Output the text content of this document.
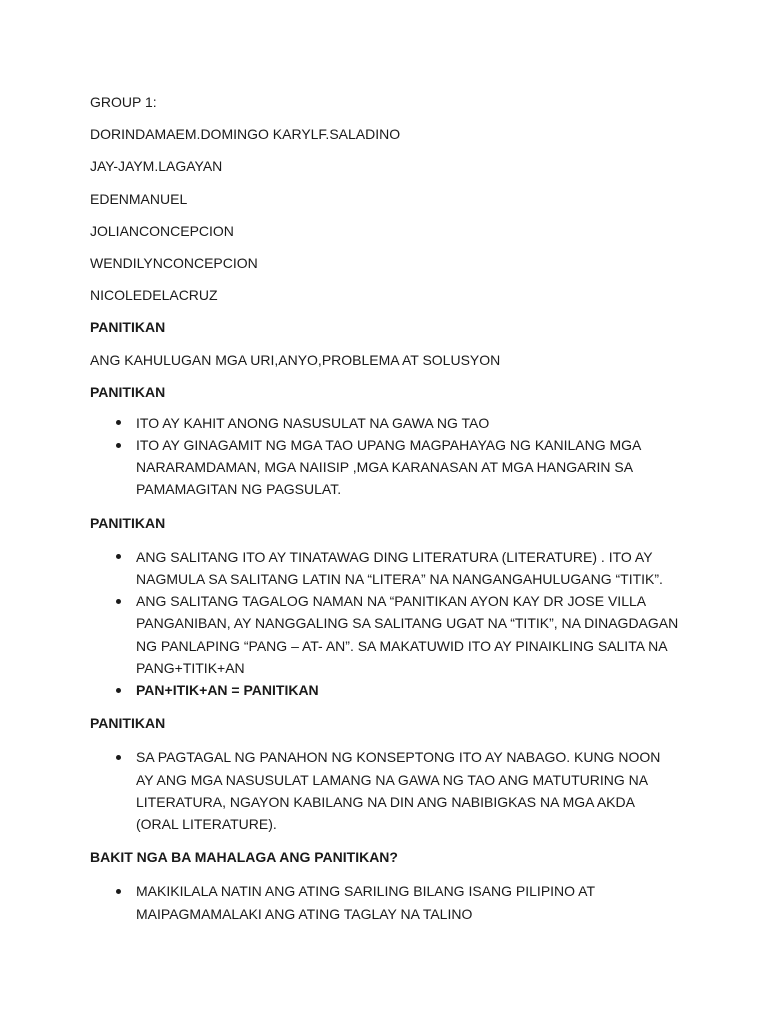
GROUP 1:
DORINDAMAEM.DOMINGO KARYLF.SALADINO
JAY-JAYM.LAGAYAN
EDENMANUEL
JOLIANCONCEPCION
WENDILYNCONCEPCION
NICOLEDELACRUZ
PANITIKAN
ANG KAHULUGAN MGA URI,ANYO,PROBLEMA AT SOLUSYON
PANITIKAN
ITO AY KAHIT ANONG NASUSULAT NA GAWA NG TAO
ITO AY GINAGAMIT NG MGA TAO UPANG MAGPAHAYAG NG KANILANG MGA NARARAMDAMAN, MGA NAIISIP ,MGA KARANASAN AT MGA HANGARIN SA PAMAMAGITAN NG PAGSULAT.
PANITIKAN
ANG SALITANG ITO AY TINATAWAG DING LITERATURA (LITERATURE) . ITO AY NAGMULA SA SALITANG LATIN NA “LITERA” NA NANGANGAHULUGANG “TITIK”.
ANG SALITANG TAGALOG NAMAN NA “PANITIKAN AYON KAY DR JOSE VILLA PANGANIBAN, AY NANGGALING SA SALITANG UGAT NA “TITIK”, NA DINAGDAGAN NG PANLAPING “PANG – AT- AN”. SA MAKATUWID ITO AY PINAIKLING SALITA NA PANG+TITIK+AN
PAN+ITIK+AN = PANITIKAN
PANITIKAN
SA PAGTAGAL NG PANAHON NG KONSEPTONG ITO AY NABAGO. KUNG NOON AY ANG MGA NASUSULAT LAMANG NA GAWA NG TAO ANG MATUTURING NA LITERATURA, NGAYON KABILANG NA DIN ANG NABIBIGKAS NA MGA AKDA (ORAL LITERATURE).
BAKIT NGA BA MAHALAGA ANG PANITIKAN?
MAKIKILALA NATIN ANG ATING SARILING BILANG ISANG PILIPINO AT MAIPAGMAMALAKI ANG ATING TAGLAY NA TALINO
